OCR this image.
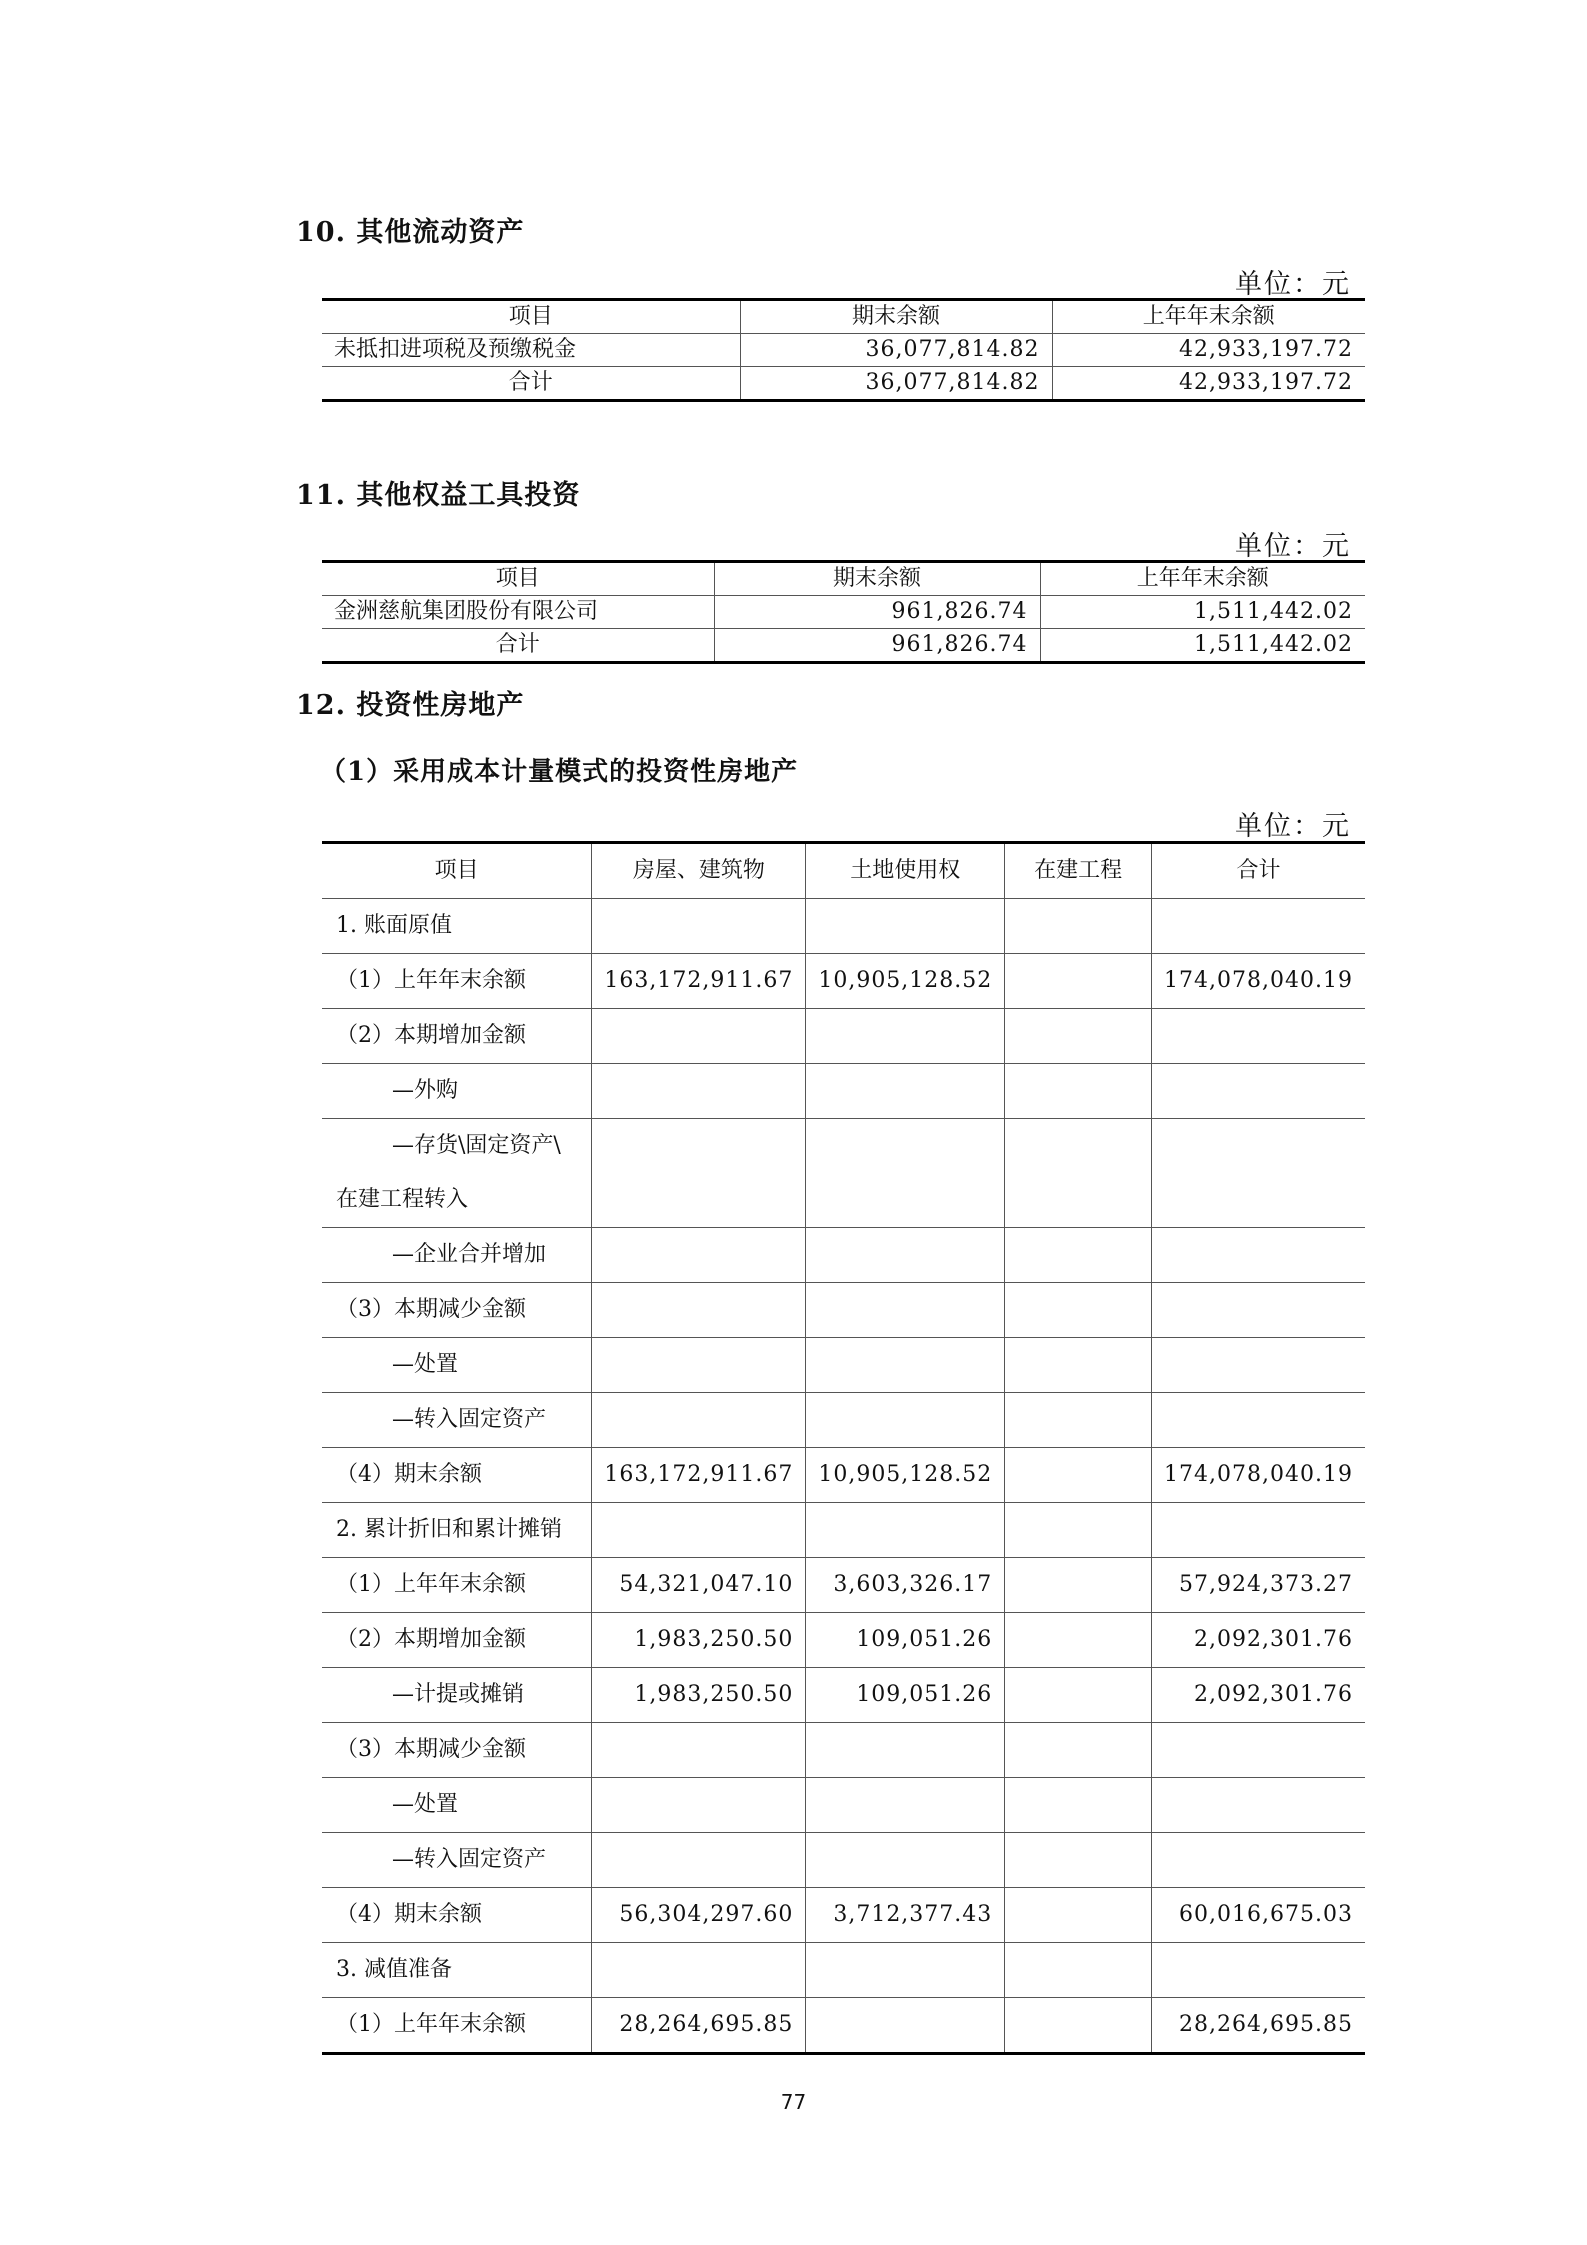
10. 其他流动资产
单位：元
项目	期末余额	上年年末余额
未抵扣进项税及预缴税金	36,077,814.82	42,933,197.72
合计	36,077,814.82	42,933,197.72
11. 其他权益工具投资
单位：元
项目	期末余额	上年年末余额
金洲慈航集团股份有限公司	961,826.74	1,511,442.02
合计	961,826.74	1,511,442.02
12. 投资性房地产
（1）采用成本计量模式的投资性房地产
单位：元
项目	房屋、建筑物	土地使用权	在建工程	合计
1. 账面原值				
（1）上年年末余额	163,172,911.67	10,905,128.52		174,078,040.19
（2）本期增加金额				
—外购				

—存货\固定资产\
在建工程转入				

—企业合并增加				
（3）本期减少金额				
—处置				
—转入固定资产				
（4）期末余额	163,172,911.67	10,905,128.52		174,078,040.19
2. 累计折旧和累计摊销				
（1）上年年末余额	54,321,047.10	3,603,326.17		57,924,373.27
（2）本期增加金额	1,983,250.50	109,051.26		2,092,301.76
—计提或摊销	1,983,250.50	109,051.26		2,092,301.76
（3）本期减少金额				
—处置				
—转入固定资产				
（4）期末余额	56,304,297.60	3,712,377.43		60,016,675.03
3. 减值准备				
（1）上年年末余额	28,264,695.85			28,264,695.85
77
